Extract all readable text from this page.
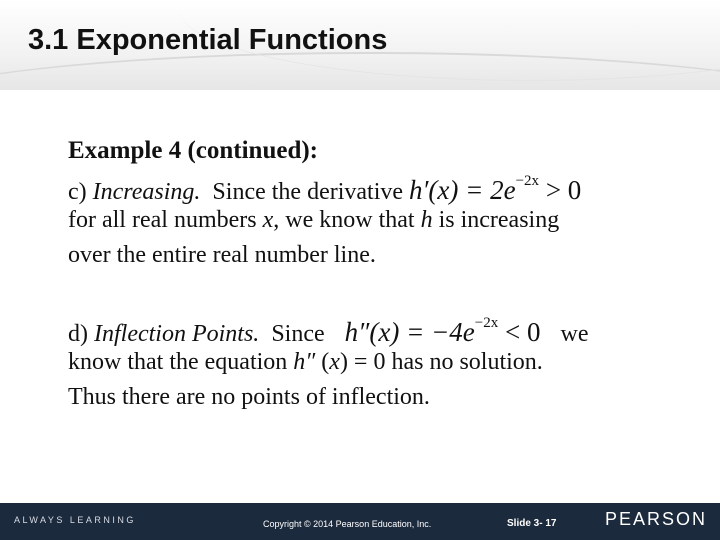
3.1 Exponential Functions
Example 4 (continued):
c) Increasing.  Since the derivative $h'(x) = 2e^{-2x} > 0$
for all real numbers x, we know that h is increasing
over the entire real number line.
d) Inflection Points.  Since $h''(x) = -4e^{-2x} < 0$ we
know that the equation h″ (x) = 0 has no solution.
Thus there are no points of inflection.
ALWAYS LEARNING	Copyright © 2014 Pearson Education, Inc.	Slide 3- 17	PEARSON
